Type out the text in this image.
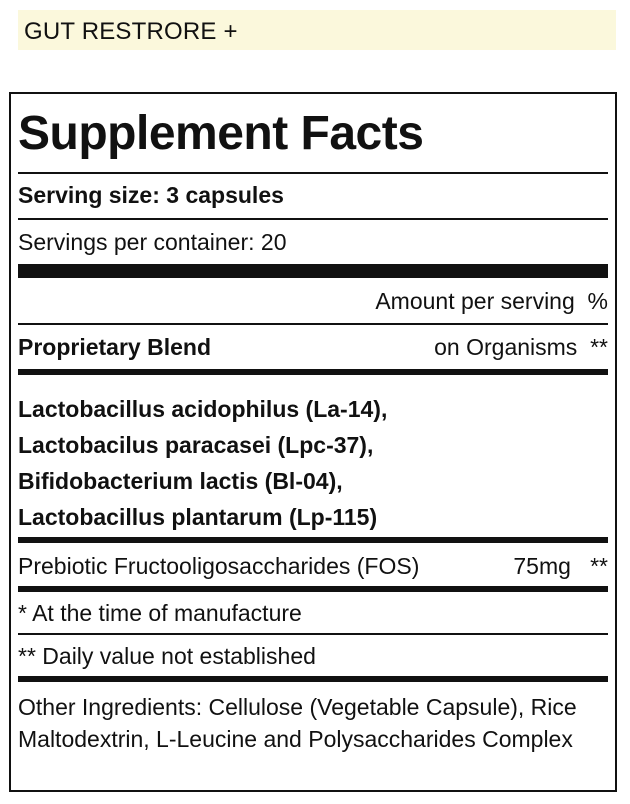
GUT RESTRORE +
Supplement Facts
Serving size: 3 capsules
Servings per container: 20
Amount per serving %
Proprietary Blend	on Organisms **
Lactobacillus acidophilus (La-14),
Lactobacilus paracasei (Lpc-37),
Bifidobacterium lactis (Bl-04),
Lactobacillus plantarum (Lp-115)
Prebiotic Fructooligosaccharides (FOS)	75mg **
* At the time of manufacture
** Daily value not established
Other Ingredients: Cellulose (Vegetable Capsule), Rice Maltodextrin, L-Leucine and Polysaccharides Complex
